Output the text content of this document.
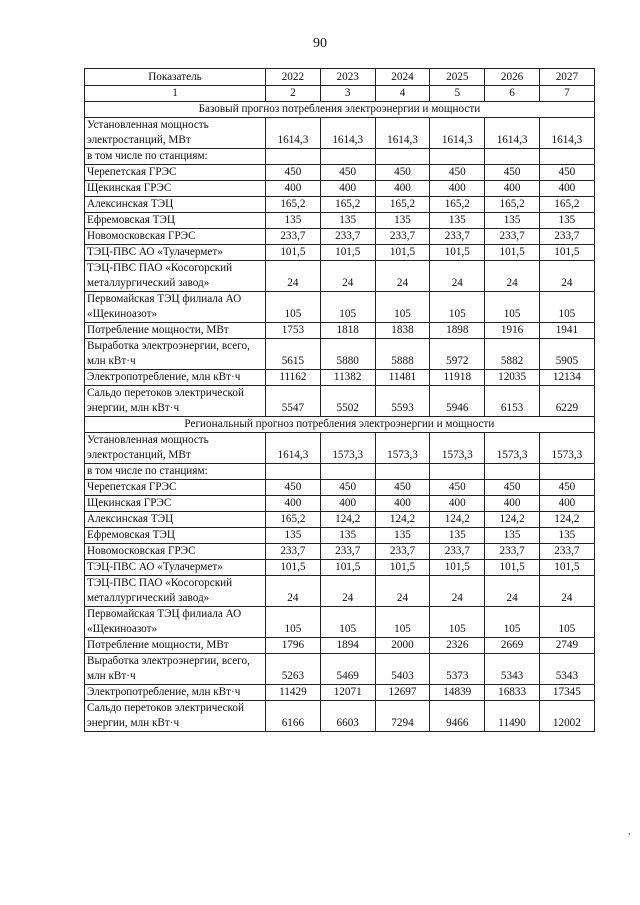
90
Показатель	2022	2023	2024	2025	2026	2027
1	2	3	4	5	6	7
Базовый прогноз потребления электроэнергии и мощности						
Установленная мощность электростанций, МВт	1614,3	1614,3	1614,3	1614,3	1614,3	1614,3
в том числе по станциям:						
Черепетская ГРЭС	450	450	450	450	450	450
Щекинская ГРЭС	400	400	400	400	400	400
Алексинская ТЭЦ	165,2	165,2	165,2	165,2	165,2	165,2
Ефремовская ТЭЦ	135	135	135	135	135	135
Новомосковская ГРЭС	233,7	233,7	233,7	233,7	233,7	233,7
ТЭЦ-ПВС АО «Тулачермет»	101,5	101,5	101,5	101,5	101,5	101,5
ТЭЦ-ПВС ПАО «Косогорский металлургический завод»	24	24	24	24	24	24
Первомайская ТЭЦ филиала АО «Щекиноазот»	105	105	105	105	105	105
Потребление мощности, МВт	1753	1818	1838	1898	1916	1941
Выработка электроэнергии, всего, млн кВт·ч	5615	5880	5888	5972	5882	5905
Электропотребление, млн кВт·ч	11162	11382	11481	11918	12035	12134
Сальдо перетоков электрической энергии, млн кВт·ч	5547	5502	5593	5946	6153	6229
Региональный прогноз потребления электроэнергии и мощности						
Установленная мощность электростанций, МВт	1614,3	1573,3	1573,3	1573,3	1573,3	1573,3
в том числе по станциям:						
Черепетская ГРЭС	450	450	450	450	450	450
Щекинская ГРЭС	400	400	400	400	400	400
Алексинская ТЭЦ	165,2	124,2	124,2	124,2	124,2	124,2
Ефремовская ТЭЦ	135	135	135	135	135	135
Новомосковская ГРЭС	233,7	233,7	233,7	233,7	233,7	233,7
ТЭЦ-ПВС АО «Тулачермет»	101,5	101,5	101,5	101,5	101,5	101,5
ТЭЦ-ПВС ПАО «Косогорский металлургический завод»	24	24	24	24	24	24
Первомайская ТЭЦ филиала АО «Щекиноазот»	105	105	105	105	105	105
Потребление мощности, МВт	1796	1894	2000	2326	2669	2749
Выработка электроэнергии, всего, млн кВт·ч	5263	5469	5403	5373	5343	5343
Электропотребление, млн кВт·ч	11429	12071	12697	14839	16833	17345
Сальдо перетоков электрической энергии, млн кВт·ч	6166	6603	7294	9466	11490	12002
,
